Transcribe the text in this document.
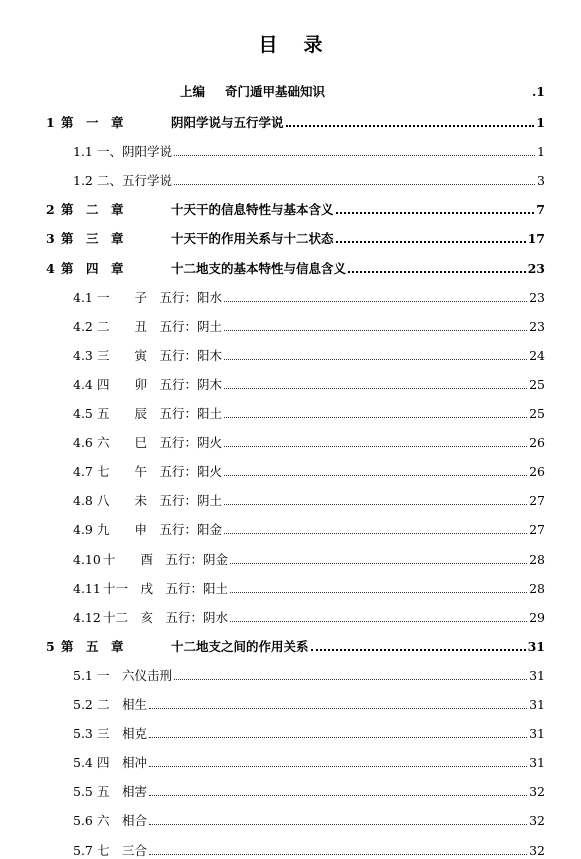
目 录
上编 奇门遁甲基础知识	.1
1 第　一　章	阴阳学说与五行学说	1
1.1 一、阴阳学说	1
1.2 二、五行学说	3
2 第　二　章	十天干的信息特性与基本含义	7
3 第　三　章	十天干的作用关系与十二状态	17
4 第　四　章	十二地支的基本特性与信息含义	23
4.1 一　　子　五行：阳水	23
4.2 二　　丑　五行：阴土	23
4.3 三　　寅　五行：阳木	24
4.4 四　　卯　五行：阴木	25
4.5 五　　辰　五行：阳土	25
4.6 六　　巳　五行：阴火	26
4.7 七　　午　五行：阳火	26
4.8 八　　未　五行：阴土	27
4.9 九　　申　五行：阳金	27
4.10 十　　酉　五行：阴金	28
4.11 十一　戌　五行：阳土	28
4.12 十二　亥　五行：阴水	29
5 第　五　章	十二地支之间的作用关系	31
5.1 一　六仪击刑	31
5.2 二　相生	31
5.3 三　相克	31
5.4 四　相冲	31
5.5 五　相害	32
5.6 六　相合	32
5.7 七　三合	32
